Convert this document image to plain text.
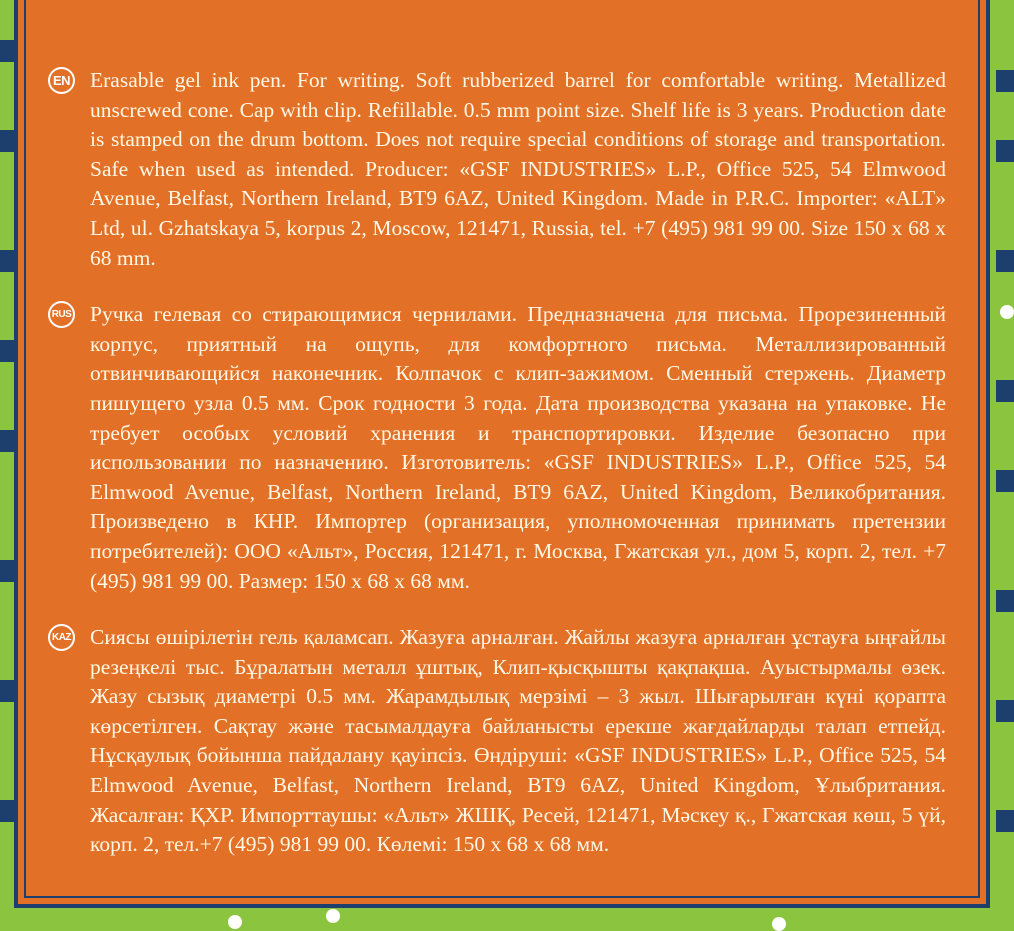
EN Erasable gel ink pen. For writing. Soft rubberized barrel for comfortable writing. Metallized unscrewed cone. Cap with clip. Refillable. 0.5 mm point size. Shelf life is 3 years. Production date is stamped on the drum bottom. Does not require special conditions of storage and transportation. Safe when used as intended. Producer: «GSF INDUSTRIES» L.P., Office 525, 54 Elmwood Avenue, Belfast, Northern Ireland, BT9 6AZ, United Kingdom. Made in P.R.C. Importer: «ALT» Ltd, ul. Gzhatskaya 5, korpus 2, Moscow, 121471, Russia, tel. +7 (495) 981 99 00. Size 150 x 68 x 68 mm.

RUS Ручка гелевая со стирающимися чернилами. Предназначена для письма. Прорезиненный корпус, приятный на ощупь, для комфортного письма. Металлизированный отвинчивающийся наконечник. Колпачок с клип-зажимом. Сменный стержень. Диаметр пишущего узла 0.5 мм. Срок годности 3 года. Дата производства указана на упаковке. Не требует особых условий хранения и транспортировки. Изделие безопасно при использовании по назначению. Изготовитель: «GSF INDUSTRIES» L.P., Office 525, 54 Elmwood Avenue, Belfast, Northern Ireland, BT9 6AZ, United Kingdom, Великобритания. Произведено в КНР. Импортер (организация, уполномоченная принимать претензии потребителей): ООО «Альт», Россия, 121471, г. Москва, Гжатская ул., дом 5, корп. 2, тел. +7 (495) 981 99 00. Размер: 150 x 68 x 68 мм.

KAZ Сиясы өшірілетін гель қаламсап. Жазуға арналған. Жайлы жазуға арналған ұстауға ыңғайлы резеңкелі тыс. Бұралатын металл ұштық, Клип-қысқышты қақпақша. Ауыстырмалы өзек. Жазу сызық диаметрі 0.5 мм. Жарамдылық мерзімі – 3 жыл. Шығарылған күні қорапта көрсетілген. Сақтау және тасымалдауға байланысты ерекше жағдайларды талап етпейд. Нұсқаулық бойынша пайдалану қауіпсіз. Өндіруші: «GSF INDUSTRIES» L.P., Office 525, 54 Elmwood Avenue, Belfast, Northern Ireland, BT9 6AZ, United Kingdom, Ұлыбритания. Жасалған: ҚХР. Импорттаушы: «Альт» ЖШҚ, Ресей, 121471, Мәскеу қ., Гжатская көш, 5 үй, корп. 2, тел.+7 (495) 981 99 00. Көлемі: 150 x 68 x 68 мм.
